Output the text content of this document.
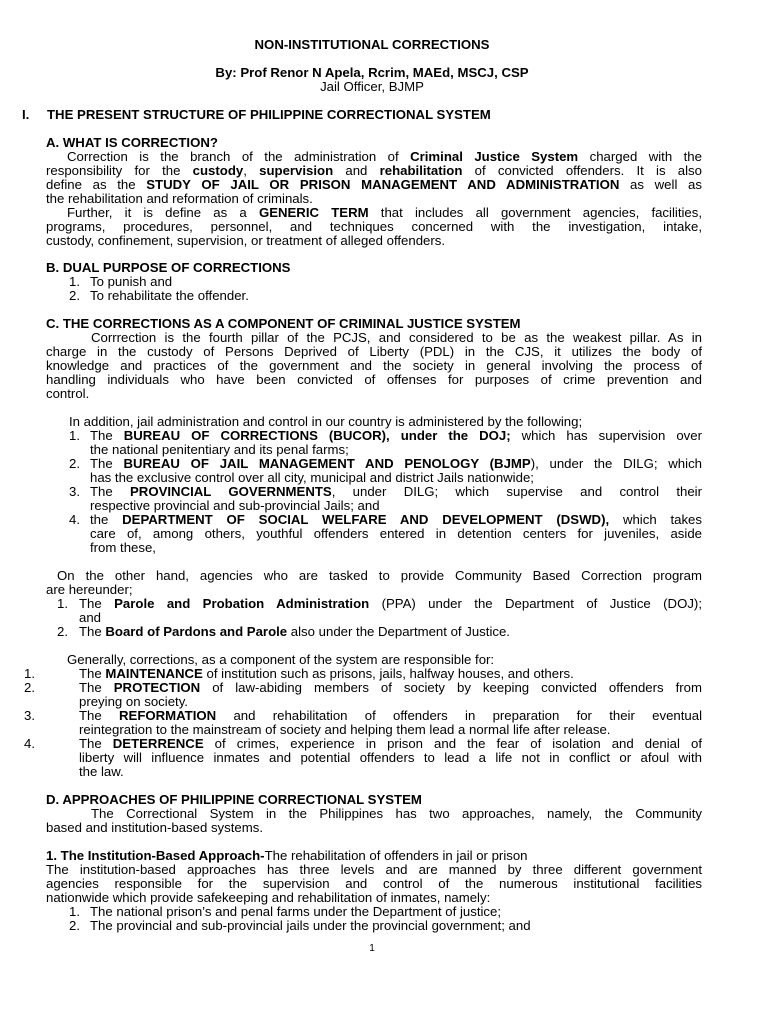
NON-INSTITUTIONAL CORRECTIONS
By: Prof Renor N Apela, Rcrim, MAEd, MSCJ, CSP
Jail Officer, BJMP
I. THE PRESENT STRUCTURE OF PHILIPPINE CORRECTIONAL SYSTEM
A. WHAT IS CORRECTION?
Correction is the branch of the administration of Criminal Justice System charged with the
responsibility for the custody, supervision and rehabilitation of convicted offenders. It is also
define as the STUDY OF JAIL OR PRISON MANAGEMENT AND ADMINISTRATION as well as
the rehabilitation and reformation of criminals.
Further, it is define as a GENERIC TERM that includes all government agencies, facilities,
programs, procedures, personnel, and techniques concerned with the investigation, intake,
custody, confinement, supervision, or treatment of alleged offenders.
B. DUAL PURPOSE OF CORRECTIONS
1. To punish and
2. To rehabilitate the offender.
C. THE CORRECTIONS AS A COMPONENT OF CRIMINAL JUSTICE SYSTEM
Corrrection is the fourth pillar of the PCJS, and considered to be as the weakest pillar. As in
charge in the custody of Persons Deprived of Liberty (PDL) in the CJS, it utilizes the body of
knowledge and practices of the government and the society in general involving the process of
handling individuals who have been convicted of offenses for purposes of crime prevention and
control.
In addition, jail administration and control in our country is administered by the following;
1. The BUREAU OF CORRECTIONS (BUCOR), under the DOJ; which has supervision over
the national penitentiary and its penal farms;
2. The BUREAU OF JAIL MANAGEMENT AND PENOLOGY (BJMP), under the DILG; which
has the exclusive control over all city, municipal and district Jails nationwide;
3. The PROVINCIAL GOVERNMENTS, under DILG; which supervise and control their
respective provincial and sub-provincial Jails; and
4. the DEPARTMENT OF SOCIAL WELFARE AND DEVELOPMENT (DSWD), which takes
care of, among others, youthful offenders entered in detention centers for juveniles, aside
from these,
On the other hand, agencies who are tasked to provide Community Based Correction program
are hereunder;
1. The Parole and Probation Administration (PPA) under the Department of Justice (DOJ);
and
2. The Board of Pardons and Parole also under the Department of Justice.
Generally, corrections, as a component of the system are responsible for:
1.	The MAINTENANCE of institution such as prisons, jails, halfway houses, and others.
2.	The PROTECTION of law-abiding members of society by keeping convicted offenders from
preying on society.
3.	The REFORMATION and rehabilitation of offenders in preparation for their eventual
reintegration to the mainstream of society and helping them lead a normal life after release.
4.	The DETERRENCE of crimes, experience in prison and the fear of isolation and denial of
liberty will influence inmates and potential offenders to lead a life not in conflict or afoul with
the law.
D. APPROACHES OF PHILIPPINE CORRECTIONAL SYSTEM
The Correctional System in the Philippines has two approaches, namely, the Community
based and institution-based systems.
1. The Institution-Based Approach-The rehabilitation of offenders in jail or prison
The institution-based approaches has three levels and are manned by three different government
agencies responsible for the supervision and control of the numerous institutional facilities
nationwide which provide safekeeping and rehabilitation of inmates, namely:
1. The national prison’s and penal farms under the Department of justice;
2. The provincial and sub-provincial jails under the provincial government; and
1
